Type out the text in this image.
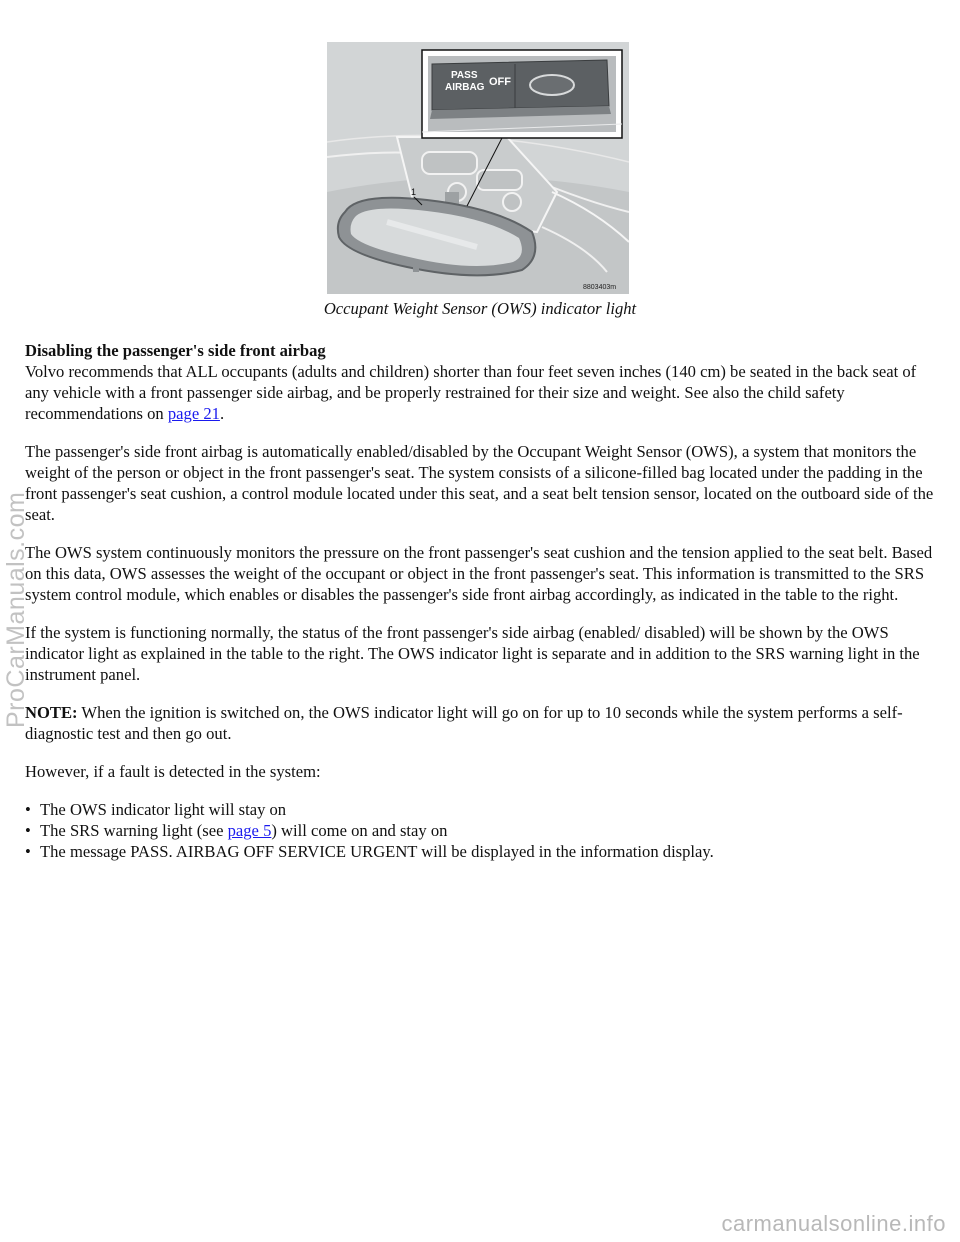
1
PASS
AIRBAG OFF
8803403m
Occupant Weight Sensor (OWS) indicator light

Disabling the passenger's side front airbag
Volvo recommends that ALL occupants (adults and children) shorter than four feet seven inches (140 cm) be seated in the back seat of any vehicle with a front passenger side airbag, and be properly restrained for their size and weight. See also the child safety recommendations on page 21.

The passenger's side front airbag is automatically enabled/disabled by the Occupant Weight Sensor (OWS), a system that monitors the weight of the person or object in the front passenger's seat. The system consists of a silicone-filled bag located under the padding in the front passenger's seat cushion, a control module located under this seat, and a seat belt tension sensor, located on the outboard side of the seat.

The OWS system continuously monitors the pressure on the front passenger's seat cushion and the tension applied to the seat belt. Based on this data, OWS assesses the weight of the occupant or object in the front passenger's seat. This information is transmitted to the SRS system control module, which enables or disables the passenger's side front airbag accordingly, as indicated in the table to the right.

If the system is functioning normally, the status of the front passenger's side airbag (enabled/ disabled) will be shown by the OWS indicator light as explained in the table to the right. The OWS indicator light is separate and in addition to the SRS warning light in the instrument panel.

NOTE: When the ignition is switched on, the OWS indicator light will go on for up to 10 seconds while the system performs a self-diagnostic test and then go out.

However, if a fault is detected in the system:

• The OWS indicator light will stay on
• The SRS warning light (see page 5) will come on and stay on
• The message PASS. AIRBAG OFF SERVICE URGENT will be displayed in the information display.
ProCarManuals.com
carmanualsonline.info
